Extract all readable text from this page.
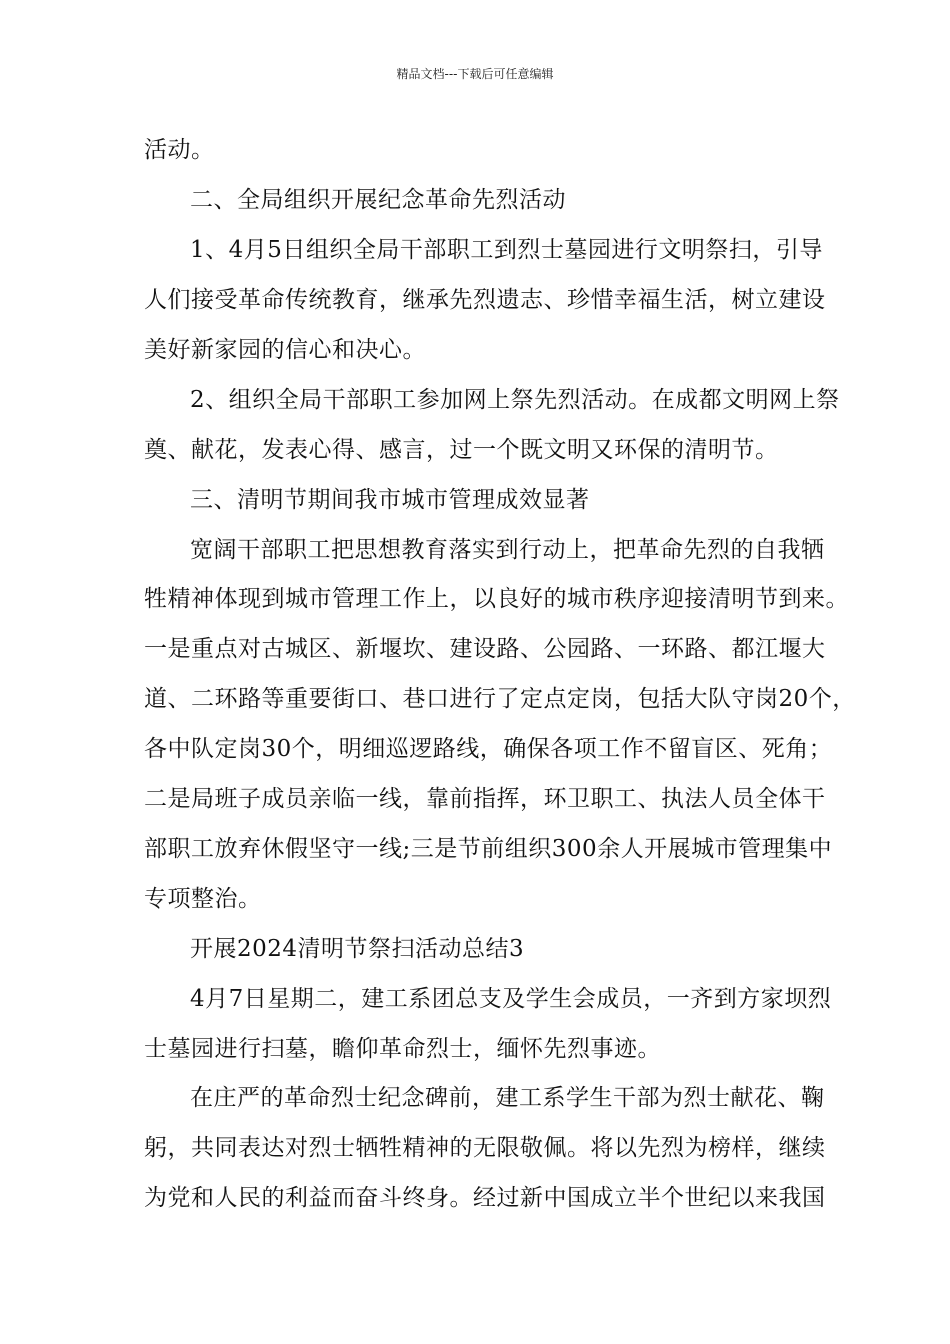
精品文档---下载后可任意编辑
活动。
二、全局组织开展纪念革命先烈活动
1、4月5日组织全局干部职工到烈士墓园进行文明祭扫，引导
人们接受革命传统教育，继承先烈遗志、珍惜幸福生活，树立建设
美好新家园的信心和决心。
2、组织全局干部职工参加网上祭先烈活动。在成都文明网上祭
奠、献花，发表心得、感言，过一个既文明又环保的清明节。
三、清明节期间我市城市管理成效显著
宽阔干部职工把思想教育落实到行动上，把革命先烈的自我牺
牲精神体现到城市管理工作上，以良好的城市秩序迎接清明节到来。
一是重点对古城区、新堰坎、建设路、公园路、一环路、都江堰大
道、二环路等重要街口、巷口进行了定点定岗，包括大队守岗20个，
各中队定岗30个，明细巡逻路线，确保各项工作不留盲区、死角；
二是局班子成员亲临一线，靠前指挥，环卫职工、执法人员全体干
部职工放弃休假坚守一线;三是节前组织300余人开展城市管理集中
专项整治。
开展2024清明节祭扫活动总结3
4月7日星期二，建工系团总支及学生会成员，一齐到方家坝烈
士墓园进行扫墓，瞻仰革命烈士，缅怀先烈事迹。
在庄严的革命烈士纪念碑前，建工系学生干部为烈士献花、鞠
躬，共同表达对烈士牺牲精神的无限敬佩。将以先烈为榜样，继续
为党和人民的利益而奋斗终身。经过新中国成立半个世纪以来我国
